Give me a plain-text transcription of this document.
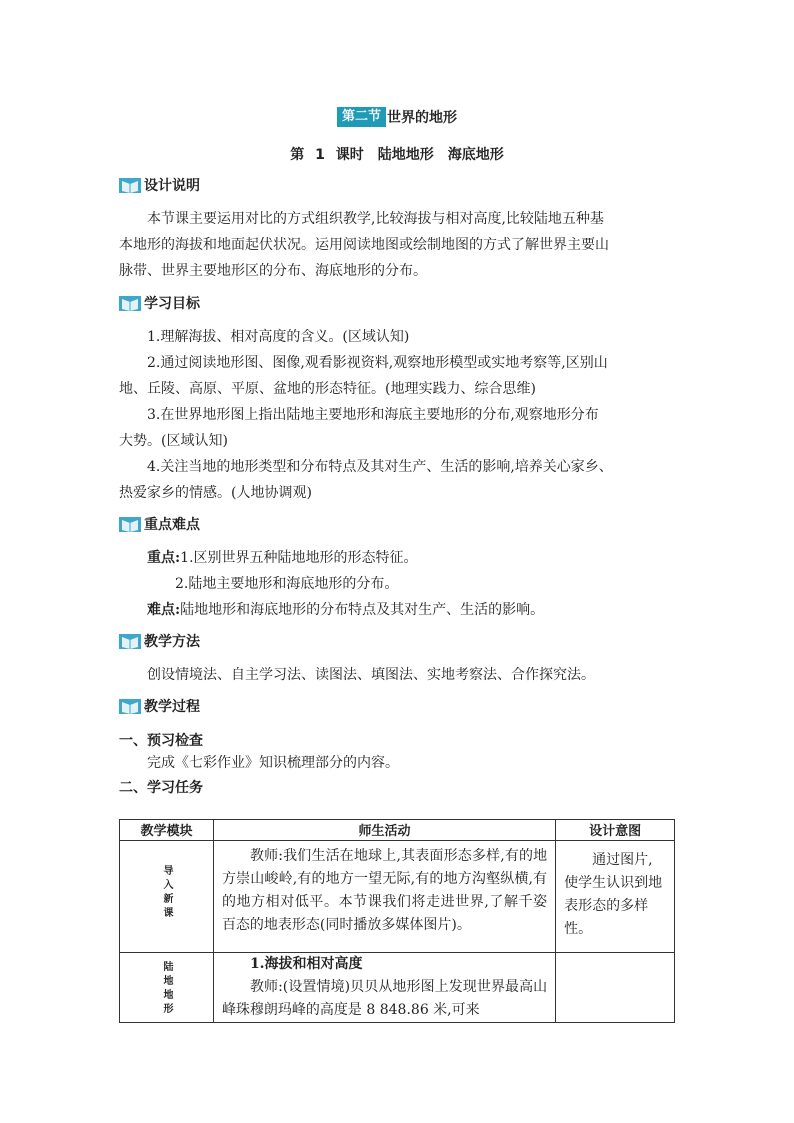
第二节 世界的地形
第 1 课时　陆地地形　海底地形
设计说明
本节课主要运用对比的方式组织教学,比较海拔与相对高度,比较陆地五种基
本地形的海拔和地面起伏状况。运用阅读地图或绘制地图的方式了解世界主要山
脉带、世界主要地形区的分布、海底地形的分布。
学习目标
1.理解海拔、相对高度的含义。(区域认知)
2.通过阅读地形图、图像,观看影视资料,观察地形模型或实地考察等,区别山
地、丘陵、高原、平原、盆地的形态特征。(地理实践力、综合思维)
3.在世界地形图上指出陆地主要地形和海底主要地形的分布,观察地形分布
大势。(区域认知)
4.关注当地的地形类型和分布特点及其对生产、生活的影响,培养关心家乡、
热爱家乡的情感。(人地协调观)
重点难点
重点:1.区别世界五种陆地地形的形态特征。
2.陆地主要地形和海底地形的分布。
难点:陆地地形和海底地形的分布特点及其对生产、生活的影响。
教学方法
创设情境法、自主学习法、读图法、填图法、实地考察法、合作探究法。
教学过程
一、预习检查
完成《七彩作业》知识梳理部分的内容。
二、学习任务
教学模块	师生活动	设计意图
导入新课	教师:我们生活在地球上,其表面形态多样,有的地方崇山峻岭,有的地方一望无际,有的地方沟壑纵横,有的地方相对低平。本节课我们将走进世界,了解千姿百态的地表形态(同时播放多媒体图片)。	通过图片,使学生认识到地表形态的多样性。
陆地地形	1.海拔和相对高度
教师:(设置情境)贝贝从地形图上发现世界最高山峰珠穆朗玛峰的高度是 8 848.86 米,可来	
